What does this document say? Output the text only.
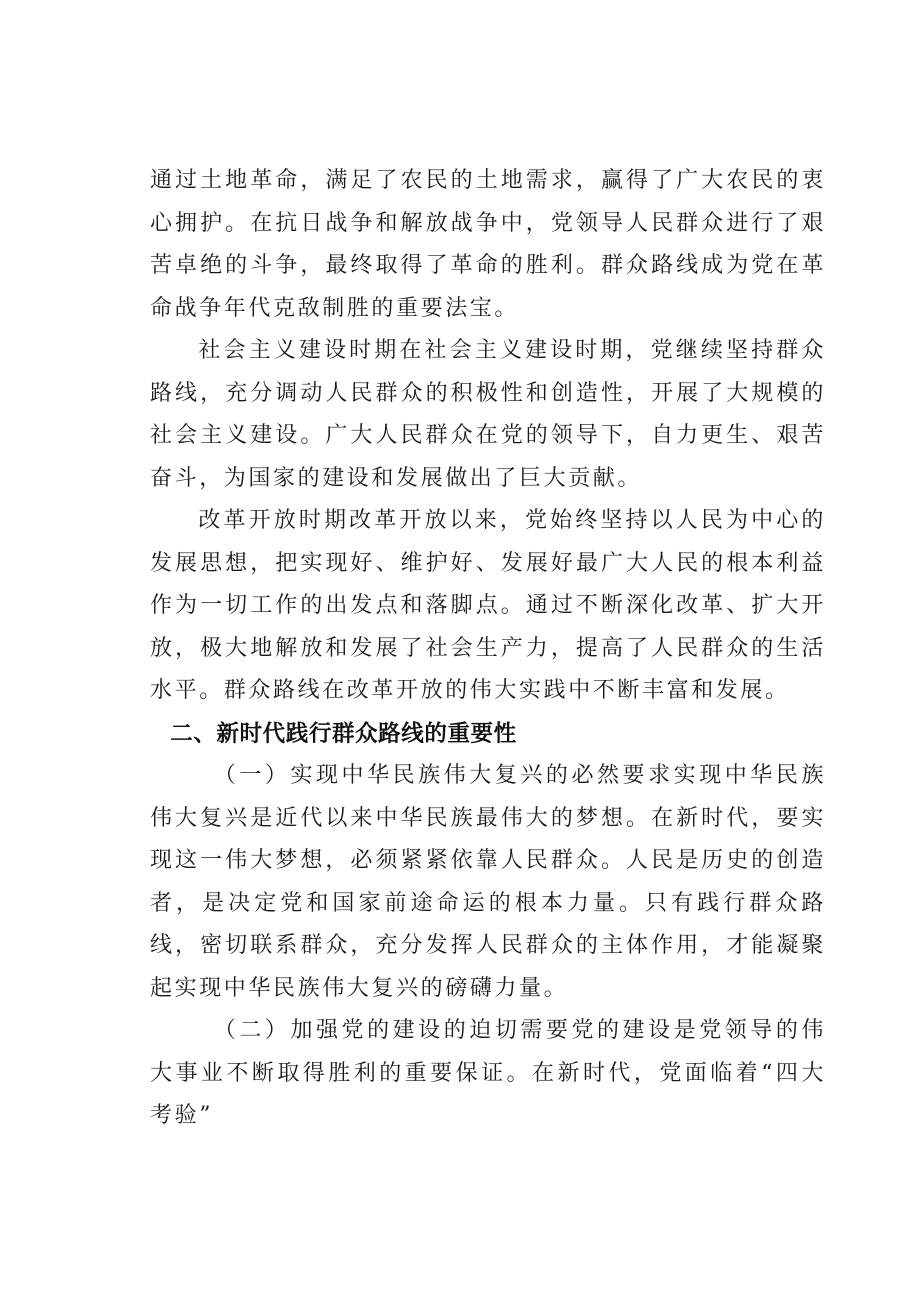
通过土地革命，满足了农民的土地需求，赢得了广大农民的衷心拥护。在抗日战争和解放战争中，党领导人民群众进行了艰苦卓绝的斗争，最终取得了革命的胜利。群众路线成为党在革命战争年代克敌制胜的重要法宝。

社会主义建设时期在社会主义建设时期，党继续坚持群众路线，充分调动人民群众的积极性和创造性，开展了大规模的社会主义建设。广大人民群众在党的领导下，自力更生、艰苦奋斗，为国家的建设和发展做出了巨大贡献。

改革开放时期改革开放以来，党始终坚持以人民为中心的发展思想，把实现好、维护好、发展好最广大人民的根本利益作为一切工作的出发点和落脚点。通过不断深化改革、扩大开放，极大地解放和发展了社会生产力，提高了人民群众的生活水平。群众路线在改革开放的伟大实践中不断丰富和发展。

二、新时代践行群众路线的重要性

（一）实现中华民族伟大复兴的必然要求实现中华民族伟大复兴是近代以来中华民族最伟大的梦想。在新时代，要实现这一伟大梦想，必须紧紧依靠人民群众。人民是历史的创造者，是决定党和国家前途命运的根本力量。只有践行群众路线，密切联系群众，充分发挥人民群众的主体作用，才能凝聚起实现中华民族伟大复兴的磅礴力量。

（二）加强党的建设的迫切需要党的建设是党领导的伟大事业不断取得胜利的重要保证。在新时代，党面临着“四大考验”
